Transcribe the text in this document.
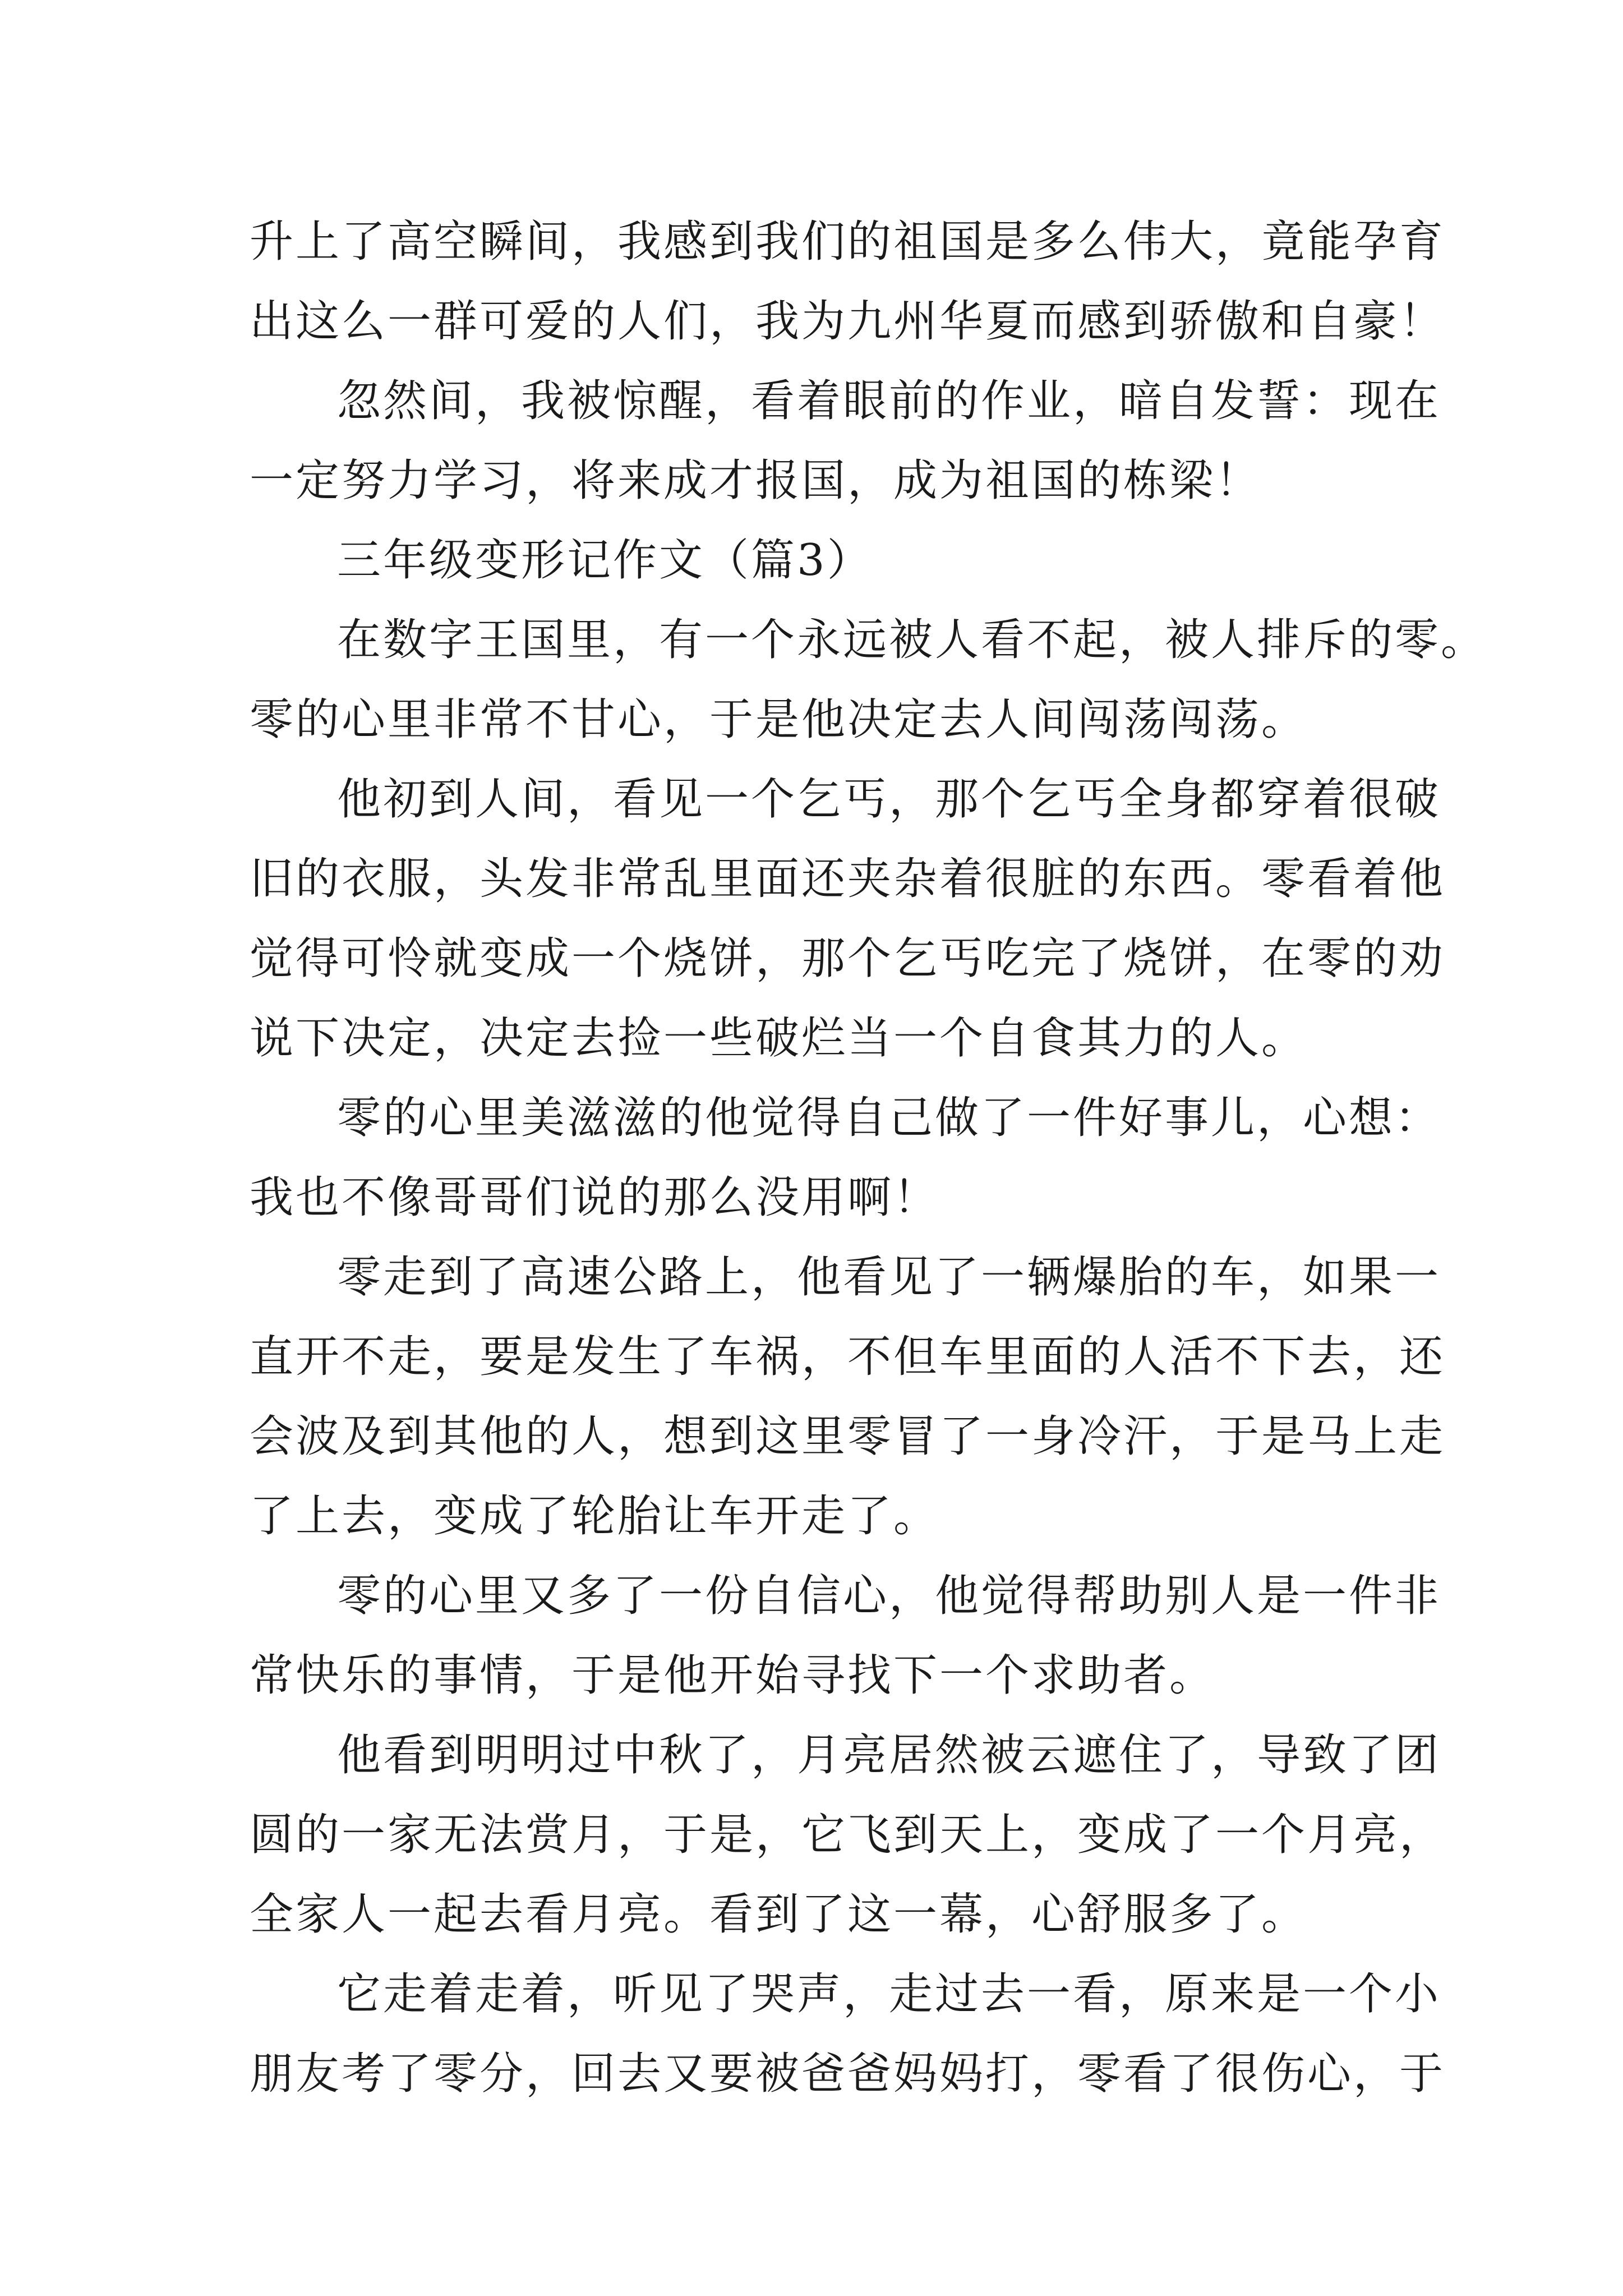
升上了高空瞬间，我感到我们的祖国是多么伟大，竟能孕育
出这么一群可爱的人们，我为九州华夏而感到骄傲和自豪！
忽然间，我被惊醒，看着眼前的作业，暗自发誓：现在
一定努力学习，将来成才报国，成为祖国的栋梁！
三年级变形记作文（篇3）
在数字王国里，有一个永远被人看不起，被人排斥的零。
零的心里非常不甘心，于是他决定去人间闯荡闯荡。
他初到人间，看见一个乞丐，那个乞丐全身都穿着很破
旧的衣服，头发非常乱里面还夹杂着很脏的东西。零看着他
觉得可怜就变成一个烧饼，那个乞丐吃完了烧饼，在零的劝
说下决定，决定去捡一些破烂当一个自食其力的人。
零的心里美滋滋的他觉得自己做了一件好事儿，心想：
我也不像哥哥们说的那么没用啊！
零走到了高速公路上，他看见了一辆爆胎的车，如果一
直开不走，要是发生了车祸，不但车里面的人活不下去，还
会波及到其他的人，想到这里零冒了一身冷汗，于是马上走
了上去，变成了轮胎让车开走了。
零的心里又多了一份自信心，他觉得帮助别人是一件非
常快乐的事情，于是他开始寻找下一个求助者。
他看到明明过中秋了，月亮居然被云遮住了，导致了团
圆的一家无法赏月，于是，它飞到天上，变成了一个月亮，
全家人一起去看月亮。看到了这一幕，心舒服多了。
它走着走着，听见了哭声，走过去一看，原来是一个小
朋友考了零分，回去又要被爸爸妈妈打，零看了很伤心，于
